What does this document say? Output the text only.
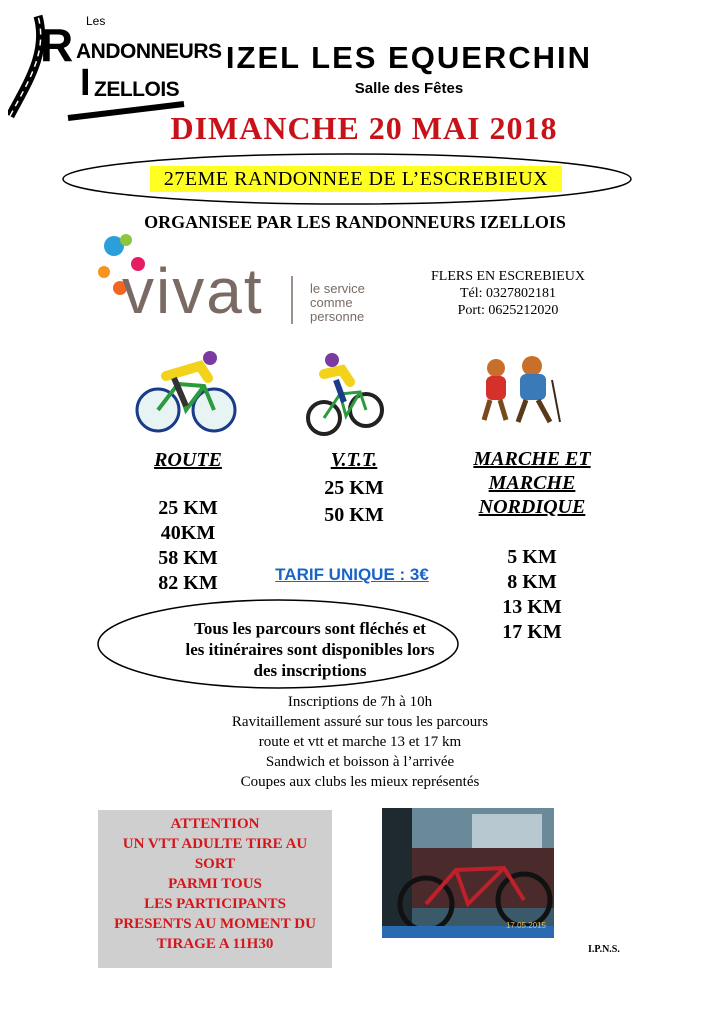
Les
R ANDONNEURS
I ZELLOIS
IZEL LES EQUERCHIN
Salle des Fêtes
DIMANCHE 20 MAI 2018
27EME RANDONNEE DE L’ESCREBIEUX
ORGANISEE PAR LES RANDONNEURS IZELLOIS
vivat	le service
comme
personne
FLERS EN ESCREBIEUX
Tél: 0327802181
Port: 0625212020
ROUTE
25 KM
40KM
58 KM
82 KM
V.T.T.
25 KM
50 KM
MARCHE ET
MARCHE
NORDIQUE
5 KM
8 KM
13 KM
17 KM
TARIF UNIQUE : 3€
Tous les parcours sont fléchés et
les itinéraires sont disponibles lors
des inscriptions
Inscriptions de 7h à 10h
Ravitaillement assuré sur tous les parcours
route et vtt et marche 13 et 17 km
Sandwich et boisson à l’arrivée
Coupes aux clubs les mieux représentés
ATTENTION
UN VTT ADULTE TIRE AU
SORT
PARMI TOUS
LES PARTICIPANTS
PRESENTS AU MOMENT DU
TIRAGE A 11H30
17.05.2015
I.P.N.S.
